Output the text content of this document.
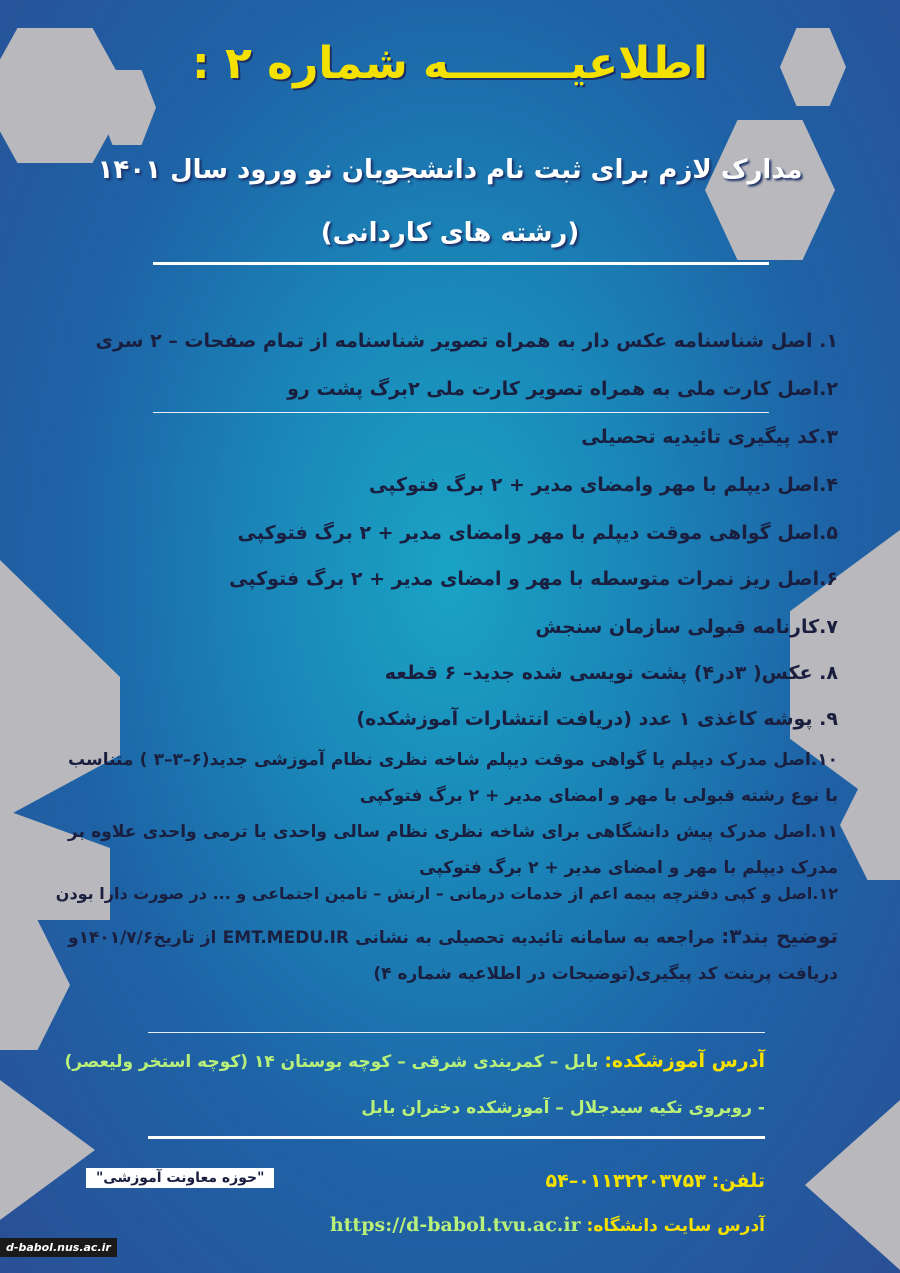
اطلاعیــــــــه شماره ۲ :
مدارک لازم برای ثبت نام دانشجویان نو ورود سال ۱۴۰۱
(رشته های کاردانی)
۱. اصل شناسنامه عکس دار به همراه تصویر شناسنامه از تمام صفحات – ۲ سری
۲.اصل کارت ملی به همراه تصویر کارت ملی ۲برگ پشت رو
۳.کد پیگیری تائیدیه تحصیلی
۴.اصل دیپلم با مهر وامضای مدیر + ۲ برگ فتوکپی
۵.اصل گواهی موقت دیپلم با مهر وامضای مدیر + ۲ برگ فتوکپی
۶.اصل ریز نمرات متوسطه با مهر و امضای مدیر + ۲ برگ فتوکپی
۷.کارنامه قبولی سازمان سنجش
۸. عکس( ۳در۴) پشت نویسی شده جدید– ۶ قطعه
۹. پوشه کاغذی ۱ عدد (دریافت انتشارات آموزشکده)
۱۰.اصل مدرک دیپلم یا گواهی موقت دیپلم شاخه نظری نظام آموزشی جدید(۶–۳–۳ ) متناسب با نوع رشته قبولی با مهر و امضای مدیر + ۲ برگ فتوکپی
۱۱.اصل مدرک پیش دانشگاهی برای شاخه نظری نظام سالی واحدی یا ترمی واحدی علاوه بر مدرک دیپلم با مهر و امضای مدیر + ۲ برگ فتوکپی
۱۲.اصل و کپی دفترچه بیمه اعم از خدمات درمانی – ارتش – تامین اجتماعی و ... در صورت دارا بودن
توضیح بند۳: مراجعه به سامانه تائیدیه تحصیلی به نشانی EMT.MEDU.IR از تاریخ۱۴۰۱/۷/۶و دریافت پرینت کد پیگیری(توضیحات در اطلاعیه شماره ۴)
آدرس آموزشکده: بابل – کمربندی شرقی – کوچه بوستان ۱۴ (کوچه استخر ولیعصر)
- روبروی تکیه سیدجلال – آموزشکده دختران بابل
تلفن: ۰۱۱۳۲۲۰۳۷۵۳–۵۴
آدرس سایت دانشگاه: https://d-babol.tvu.ac.ir
"حوزه معاونت آموزشی"
d-babol.nus.ac.ir
